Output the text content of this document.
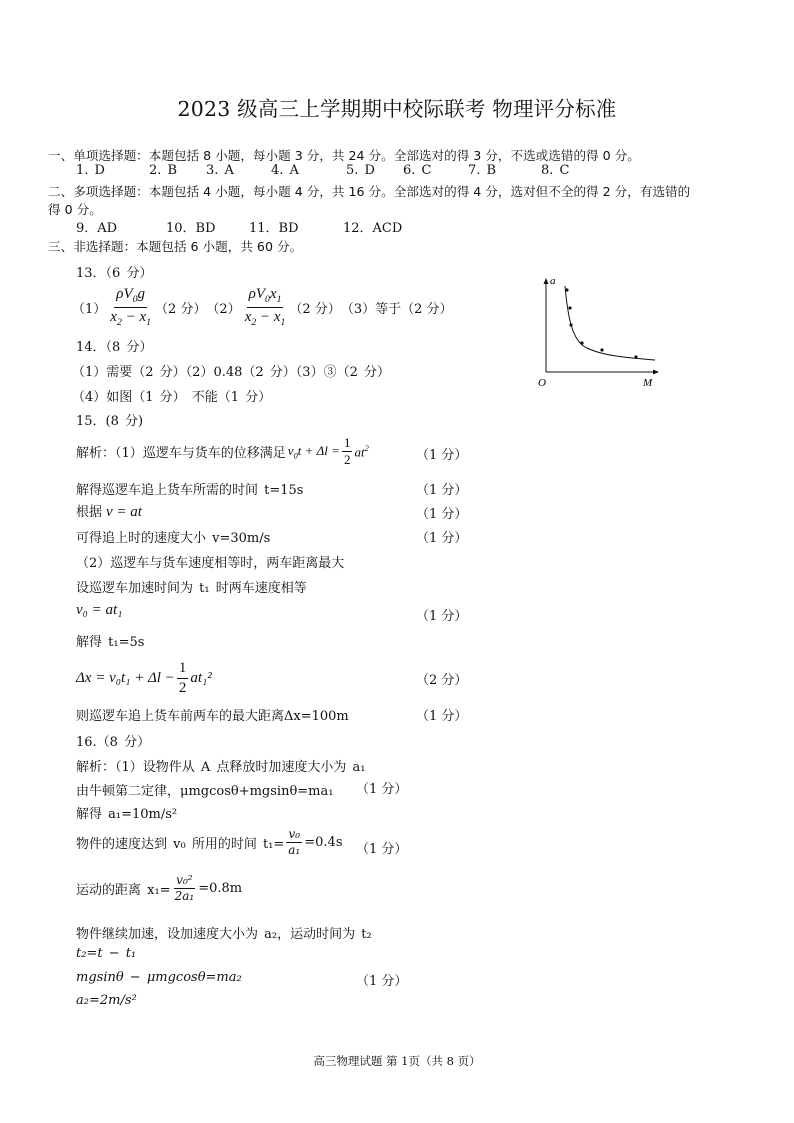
2023 级高三上学期期中校际联考 物理评分标准
一、单项选择题：本题包括 8 小题，每小题 3 分，共 24 分。全部选对的得 3 分，不选或选错的得 0 分。
1. D	2. B 3. A	4. A	5. D 6. C	7. B	8. C
二、多项选择题：本题包括 4 小题，每小题 4 分，共 16 分。全部选对的得 4 分，选对但不全的得 2 分，有选错的
得 0 分。
9．AD	10．BD	11．BD	12．ACD
三、非选择题：本题包括 6 小题，共 60 分。
13．（6 分）
$(1) \frac{\rho V_0g}{x_2 - x_1} (2$ 分） $(2) \frac{\rho V_0x_1}{x_2 - x_1} (2$ 分） （3）等于（2 分）
14．（8 分）
（1）需要（2 分）（2）0.48（2 分）（3）③（2 分）
（4）如图（1 分） 不能（1 分）
a
O	M
15．(8 分)
解析：（1）巡逻车与货车的位移满足 $v_0t + \Delta l = \frac{1}{2} at^2$	（1 分）
解得巡逻车追上货车所需的时间 t=15s	（1 分）
根据 v = at	（1 分）
可得追上时的速度大小 v=30m/s	（1 分）
（2）巡逻车与货车速度相等时，两车距离最大
设巡逻车加速时间为 t₁ 时两车速度相等
v₀ = at₁	（1 分）
解得 t₁=5s
$\Delta x = v_0t_1 + \Delta l - \frac{1}{2} at_1^2$	（2 分）
则巡逻车追上货车前两车的最大距离Δx=100m	（1 分）
16.（8 分）
解析：（1）设物件从 A 点释放时加速度大小为 a₁
由牛顿第二定律，μmgcosθ+mgsinθ=ma₁ （1 分）
解得 a₁=10m/s²
物件的速度达到 v₀ 所用的时间 $t_1= \frac{\text{v₀}}{\text{a₁}} =0.4s$ （1 分）
运动的距离 $x_1= \frac{\text{v₀²}}{\text{2a₁}} =0.8m$
物件继续加速，设加速度大小为 a₂，运动时间为 t₂
t₂=t − t₁
mgsinθ − μmgcosθ=ma₂	（1 分）
a₂=2m/s²
高三物理试题 第 1页（共 8 页）
